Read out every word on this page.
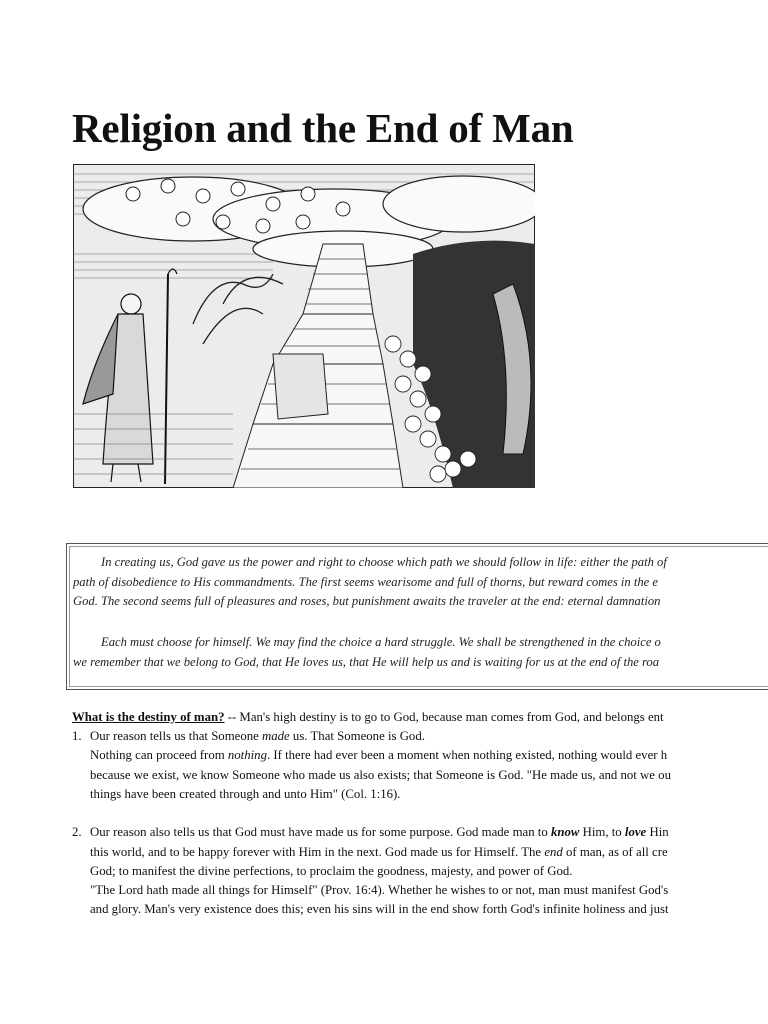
Religion and the End of Man

In creating us, God gave us the power and right to choose which path we should follow in life: either the path of
path of disobedience to His commandments. The first seems wearisome and full of thorns, but reward comes in the e
God. The second seems full of pleasures and roses, but punishment awaits the traveler at the end: eternal damnation

Each must choose for himself. We may find the choice a hard struggle. We shall be strengthened in the choice o
we remember that we belong to God, that He loves us, that He will help us and is waiting for us at the end of the roa

What is the destiny of man? -- Man's high destiny is to go to God, because man comes from God, and belongs ent
1. Our reason tells us that Someone made us. That Someone is God.
Nothing can proceed from nothing. If there had ever been a moment when nothing existed, nothing would ever h
because we exist, we know Someone who made us also exists; that Someone is God. "He made us, and not we ou
things have been created through and unto Him" (Col. 1:16).
2. Our reason also tells us that God must have made us for some purpose. God made man to know Him, to love Hin
this world, and to be happy forever with Him in the next. God made us for Himself. The end of man, as of all cre
God; to manifest the divine perfections, to proclaim the goodness, majesty, and power of God.
"The Lord hath made all things for Himself" (Prov. 16:4). Whether he wishes to or not, man must manifest God's
and glory. Man's very existence does this; even his sins will in the end show forth God's infinite holiness and just
